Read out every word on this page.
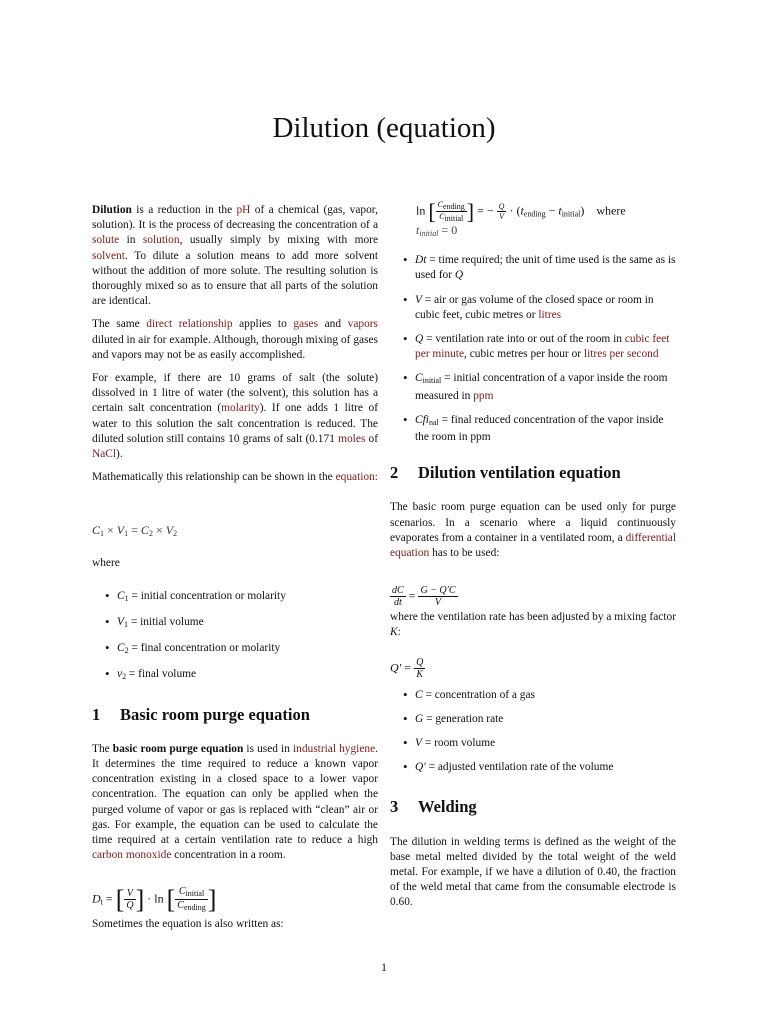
Dilution (equation)

Dilution is a reduction in the pH of a chemical (gas, vapor, solution). It is the process of decreasing the concentration of a solute in solution, usually simply by mixing with more solvent. To dilute a solution means to add more solvent without the addition of more solute. The resulting solution is thoroughly mixed so as to ensure that all parts of the solution are identical.

The same direct relationship applies to gases and vapors diluted in air for example. Although, thorough mixing of gases and vapors may not be as easily accomplished.

For example, if there are 10 grams of salt (the solute) dissolved in 1 litre of water (the solvent), this solution has a certain salt concentration (molarity). If one adds 1 litre of water to this solution the salt concentration is reduced. The diluted solution still contains 10 grams of salt (0.171 moles of NaCl).

Mathematically this relationship can be shown in the equation:

$C_1 \times V_1 = C_2 \times V_2$

where

• $C_1$ = initial concentration or molarity
• $V_1$ = initial volume
• $C_2$ = final concentration or molarity
• $v_2$ = final volume
1 Basic room purge equation

The basic room purge equation is used in industrial hygiene. It determines the time required to reduce a known vapor concentration existing in a closed space to a lower vapor concentration. The equation can only be applied when the purged volume of vapor or gas is replaced with “clean” air or gas. For example, the equation can be used to calculate the time required at a certain ventilation rate to reduce a high carbon monoxide concentration in a room.

$D_t$ = [ $\frac{V}{Q}$ ] · ln [ $\frac{C_{initial}}{C_{ending}}$ ]

Sometimes the equation is also written as:

ln [ $\frac{C_{ending}}{C_{initial}}$ ] = − $\frac{Q}{V} \cdot (t_{ending} - t_{initial})$ where
$t_{initial} = 0$
• Dt = time required; the unit of time used is the same as is used for Q
• V = air or gas volume of the closed space or room in cubic feet, cubic metres or litres
• Q = ventilation rate into or out of the room in cubic feet per minute, cubic metres per hour or litres per second
• $C_{initial}$ = initial concentration of a vapor inside the room measured in ppm
• Cfi$_{nal}$ = final reduced concentration of the vapor inside the room in ppm
2 Dilution ventilation equation

The basic room purge equation can be used only for purge scenarios. In a scenario where a liquid continuously evaporates from a container in a ventilated room, a differential equation has to be used:

$\frac{dC}{dt} = \frac{G - Q'C}{V}$

where the ventilation rate has been adjusted by a mixing factor K:

$Q' = \frac{Q}{K}$
• C = concentration of a gas
• G = generation rate
• V = room volume
• Q′ = adjusted ventilation rate of the volume
3 Welding

The dilution in welding terms is defined as the weight of the base metal melted divided by the total weight of the weld metal. For example, if we have a dilution of 0.40, the fraction of the weld metal that came from the consumable electrode is 0.60.

1
